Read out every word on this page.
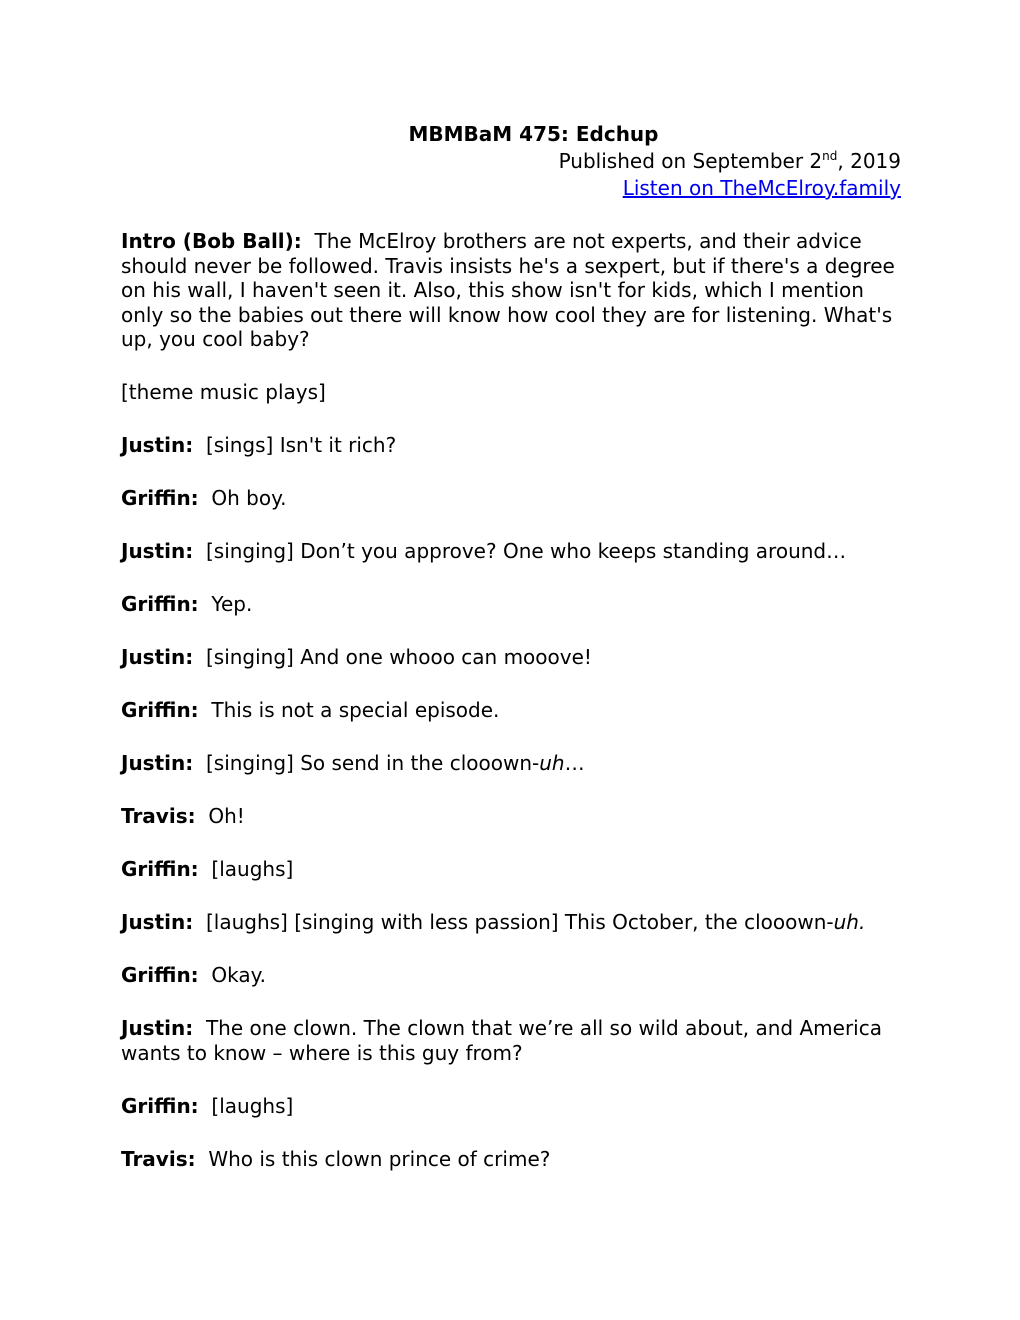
MBMBaM 475: Edchup
Published on September 2nd, 2019
Listen on TheMcElroy.family
Intro (Bob Ball): The McElroy brothers are not experts, and their advice should never be followed. Travis insists he's a sexpert, but if there's a degree on his wall, I haven't seen it. Also, this show isn't for kids, which I mention only so the babies out there will know how cool they are for listening. What's up, you cool baby?
[theme music plays]
Justin: [sings] Isn't it rich?
Griffin: Oh boy.
Justin: [singing] Don’t you approve? One who keeps standing around…
Griffin: Yep.
Justin: [singing] And one whooo can mooove!
Griffin: This is not a special episode.
Justin: [singing] So send in the clooown-uh…
Travis: Oh!
Griffin: [laughs]
Justin: [laughs] [singing with less passion] This October, the clooown-uh.
Griffin: Okay.
Justin: The one clown. The clown that we’re all so wild about, and America wants to know – where is this guy from?
Griffin: [laughs]
Travis: Who is this clown prince of crime?
